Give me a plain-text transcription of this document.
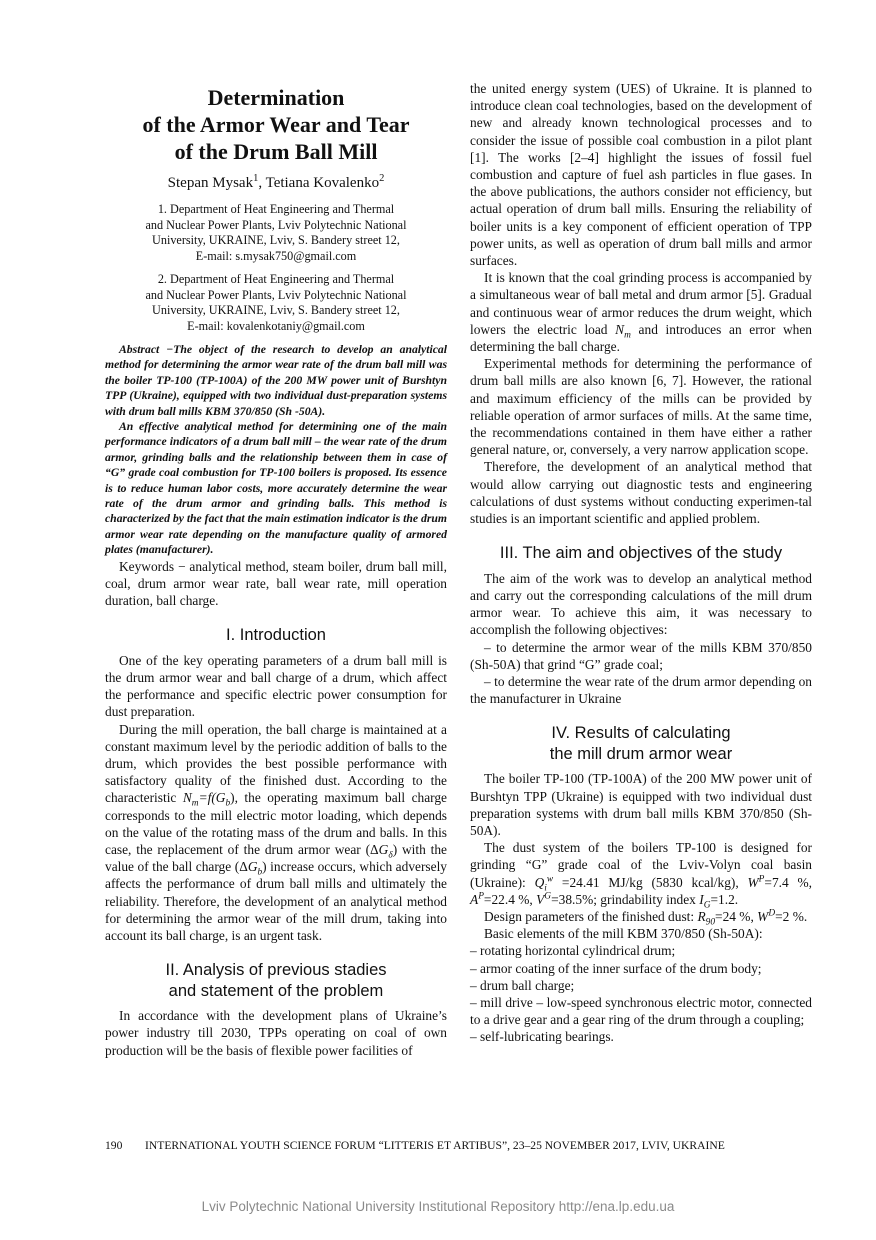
Determination
of the Armor Wear and Tear
of the Drum Ball Mill
Stepan Mysak$^1$, Tetiana Kovalenko$^2$
1. Department of Heat Engineering and Thermal
and Nuclear Power Plants, Lviv Polytechnic National
University, UKRAINE, Lviv, S. Bandery street 12,
E-mail: s.mysak750@gmail.com
2. Department of Heat Engineering and Thermal
and Nuclear Power Plants, Lviv Polytechnic National
University, UKRAINE, Lviv, S. Bandery street 12,
E-mail: kovalenkotaniy@gmail.com

Abstract −The object of the research to develop an analytical method for determining the armor wear rate of the drum ball mill was the boiler TP-100 (TP-100A) of the 200 MW power unit of Burshtyn TPP (Ukraine), equipped with two individual dust-preparation systems with drum ball mills KBM 370/850 (Sh -50A).

An effective analytical method for determining one of the main performance indicators of a drum ball mill – the wear rate of the drum armor, grinding balls and the relationship between them in case of “G” grade coal combustion for TP-100 boilers is proposed. Its essence is to reduce human labor costs, more accurately determine the wear rate of the drum armor and grinding balls. This method is characterized by the fact that the main estimation indicator is the drum armor wear rate depending on the manufacture quality of armored plates (manufacturer).

Keywords − analytical method, steam boiler, drum ball mill, coal, drum armor wear rate, ball wear rate, mill operation duration, ball charge.

I. Introduction

One of the key operating parameters of a drum ball mill is the drum armor wear and ball charge of a drum, which affect the performance and specific electric power consumption for dust preparation.

During the mill operation, the ball charge is maintained at a constant maximum level by the periodic addition of balls to the drum, which provides the best possible performance with satisfactory quality of the finished dust. According to the characteristic $N_m=f(G_b)$, the operating maximum ball charge corresponds to the mill electric motor loading, which depends on the value of the rotating mass of the drum and balls. In this case, the replacement of the drum armor wear $(\Delta G_\delta)$ with the value of the ball charge $(\Delta G_b)$ increase occurs, which adversely affects the performance of drum ball mills and ultimately the reliability. Therefore, the development of an analytical method for determining the armor wear of the mill drum, taking into account its ball charge, is an urgent task.

II. Analysis of previous stadies
and statement of the problem

In accordance with the development plans of Ukraine’s power industry till 2030, TPPs operating on coal of own production will be the basis of flexible power facilities of

the united energy system (UES) of Ukraine. It is planned to introduce clean coal technologies, based on the development of new and already known technological processes and to consider the issue of possible coal combustion in a pilot plant [1]. The works [2–4] highlight the issues of fossil fuel combustion and capture of fuel ash particles in flue gases. In the above publications, the authors consider not efficiency, but actual operation of drum ball mills. Ensuring the reliability of boiler units is a key component of efficient operation of TPP power units, as well as operation of drum ball mills and armor surfaces.

It is known that the coal grinding process is accompanied by a simultaneous wear of ball metal and drum armor [5]. Gradual and continuous wear of armor reduces the drum weight, which lowers the electric load $N_m$ and introduces an error when determining the ball charge.

Experimental methods for determining the performance of drum ball mills are also known [6, 7]. However, the rational and maximum efficiency of the mills can be provided by reliable operation of armor surfaces of mills. At the same time, the recommendations contained in them have either a rather general nature, or, conversely, a very narrow application scope.

Therefore, the development of an analytical method that would allow carrying out diagnostic tests and engineering calculations of dust systems without conducting experimen-tal studies is an important scientific and applied problem.

III. The aim and objectives of the study

The aim of the work was to develop an analytical method and carry out the corresponding calculations of the mill drum armor wear. To achieve this aim, it was necessary to accomplish the following objectives:

– to determine the armor wear of the mills KBM 370/850 (Sh-50A) that grind “G” grade coal;

– to determine the wear rate of the drum armor depending on the manufacturer in Ukraine

IV. Results of calculating
the mill drum armor wear

The boiler TP-100 (TP-100A) of the 200 MW power unit of Burshtyn TPP (Ukraine) is equipped with two individual dust preparation systems with drum ball mills KBM 370/850 (Sh-50A).

The dust system of the boilers TP-100 is designed for grinding “G” grade coal of the Lviv-Volyn coal basin (Ukraine): $Q_i^w =24.41$ MJ/kg (5830 kcal/kg), $W^P=7.4$ %, $A^P=22.4$ %, $V^G=38.5\%$; grindability index $I_G=1.2$.

Design parameters of the finished dust: $R_{90}=24$ %, $W^D=2$ %.

Basic elements of the mill KBM 370/850 (Sh-50A):

– rotating horizontal cylindrical drum;

– armor coating of the inner surface of the drum body;

– drum ball charge;

– mill drive – low-speed synchronous electric motor, connected to a drive gear and a gear ring of the drum through a coupling;

– self-lubricating bearings.

190 INTERNATIONAL YOUTH SCIENCE FORUM “LITTERIS ET ARTIBUS”, 23–25 NOVEMBER 2017, LVIV, UKRAINE
Lviv Polytechnic National University Institutional Repository http://ena.lp.edu.ua
